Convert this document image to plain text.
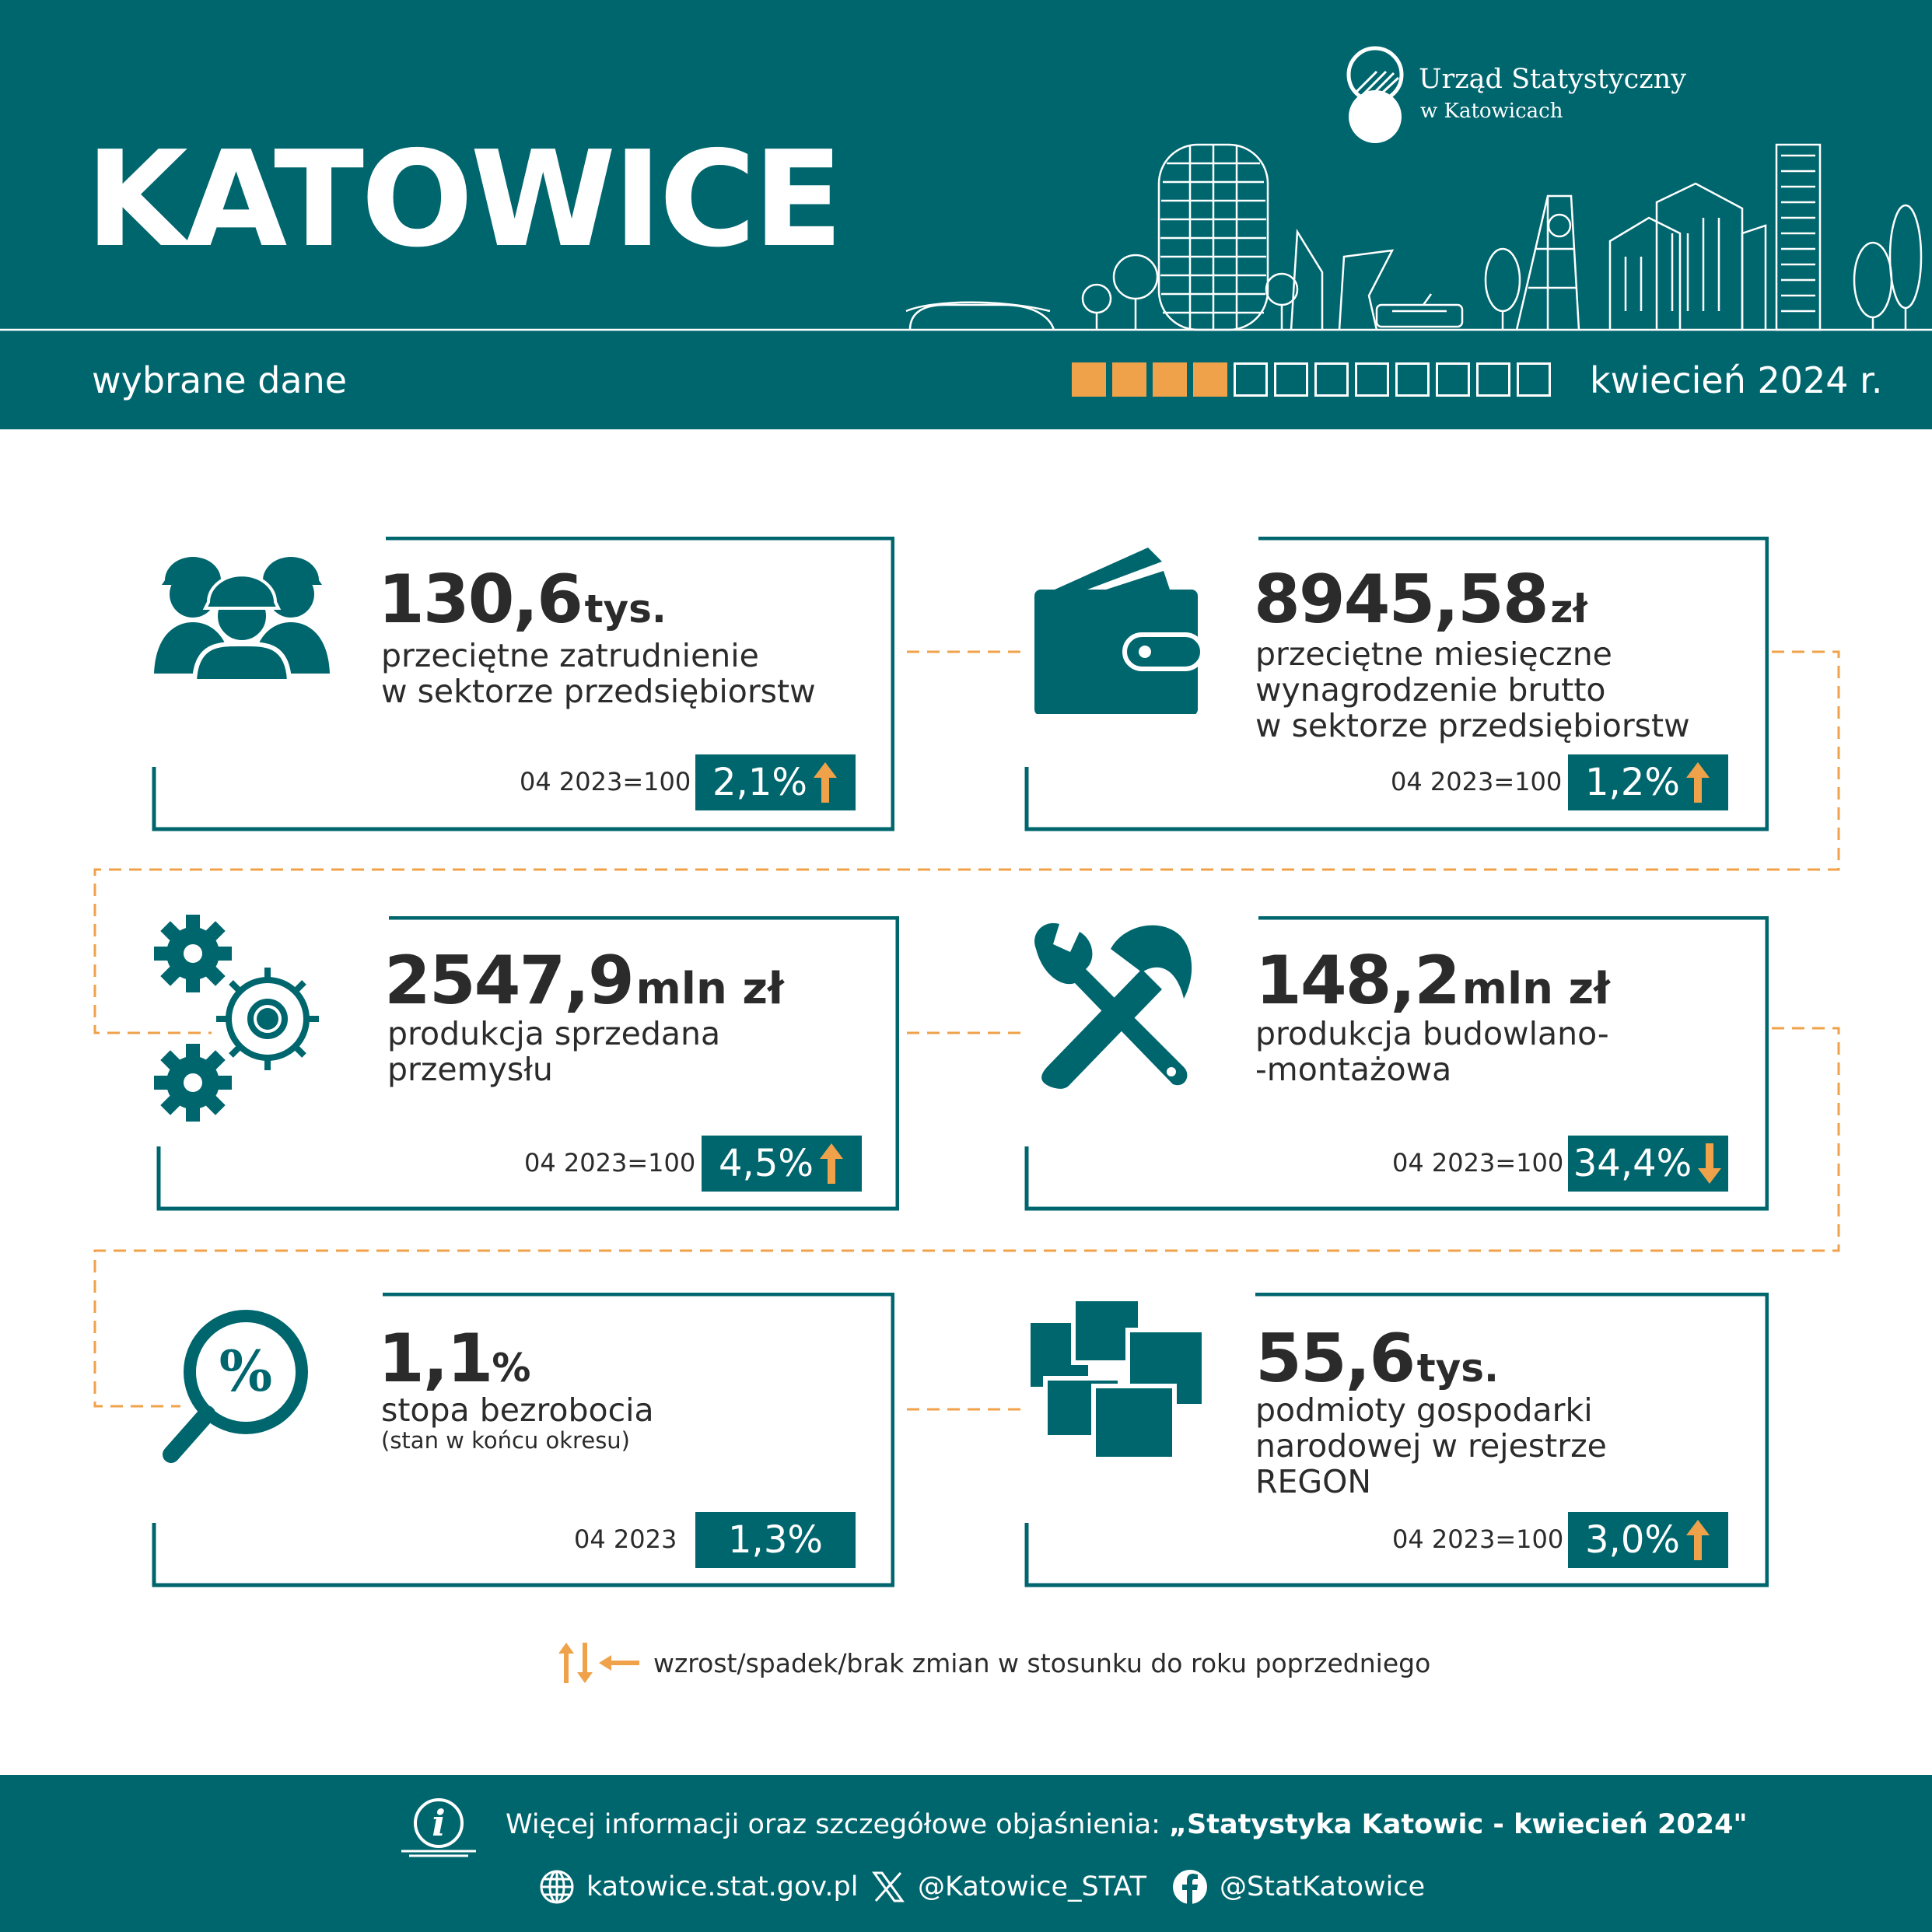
KATOWICE
Urząd Statystyczny
w Katowicach
wybrane dane	kwiecień 2024 r.
130,6 tys.
przeciętne zatrudnienie
w sektorze przedsiębiorstw
04 2023=100 2,1%
8945,58 zł
przeciętne miesięczne
wynagrodzenie brutto
w sektorze przedsiębiorstw
04 2023=100 1,2%
2547,9 mln zł
produkcja sprzedana
przemysłu
04 2023=100 4,5%
148,2 mln zł
produkcja budowlano-
-montażowa
04 2023=100 34,4%
% 1,1%
stopa bezrobocia
(stan w końcu okresu)
04 2023 1,3%
55,6 tys.
podmioty gospodarki
narodowej w rejestrze
REGON
04 2023=100 3,0%
wzrost/spadek/brak zmian w stosunku do roku poprzedniego
i Więcej informacji oraz szczegółowe objaśnienia: „Statystyka Katowic - kwiecień 2024"
katowice.stat.gov.pl @Katowice_STAT	@StatKatowice
